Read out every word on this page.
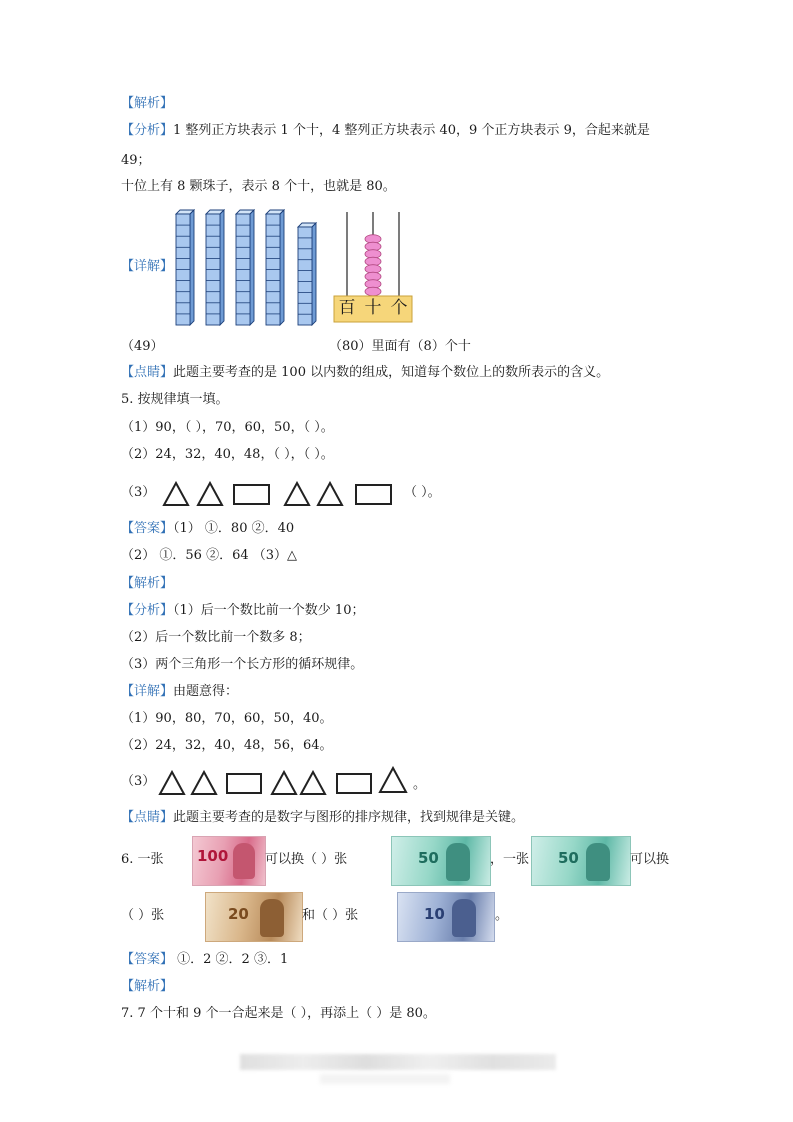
【解析】
【分析】1 整列正方块表示 1 个十，4 整列正方块表示 40，9 个正方块表示 9，合起来就是
49；
十位上有 8 颗珠子，表示 8 个十，也就是 80。
【详解】
百 十 个
（49）	（80）里面有（8）个十
【点睛】此题主要考查的是 100 以内数的组成，知道每个数位上的数所表示的含义。
5. 按规律填一填。
（1）90，（ ），70，60，50，（ ）。
（2）24，32，40，48，（ ），（ ）。
（3）	（ ）。
【答案】（1） ①．80 ②．40
（2） ①．56 ②．64 （3）△
【解析】
【分析】（1）后一个数比前一个数少 10；
（2）后一个数比前一个数多 8；
（3）两个三角形一个长方形的循环规律。
【详解】由题意得：
（1）90，80，70，60，50，40。
（2）24，32，40，48，56，64。
（3）	。
【点睛】此题主要考查的是数字与图形的排序规律，找到规律是关键。
6. 一张 100	可以换（ ）张	50	，一张 50	可以换
（ ）张	20	和（ ）张	10	。
【答案】 ①．2 ②．2 ③．1
【解析】
7. 7 个十和 9 个一合起来是（ ），再添上（ ）是 80。
